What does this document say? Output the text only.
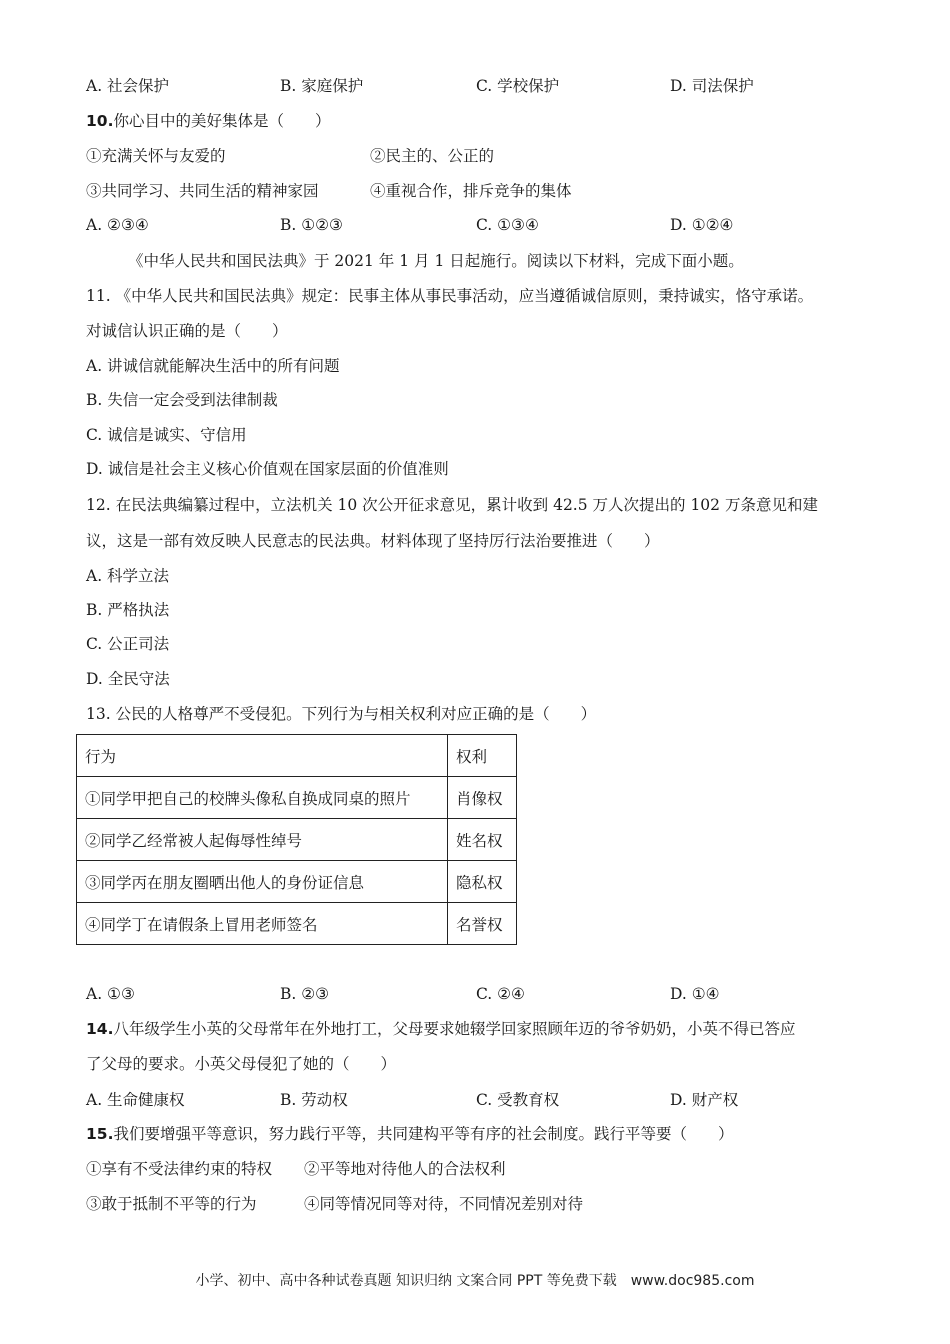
A. 社会保护	B. 家庭保护	C. 学校保护	D. 司法保护
10.你心目中的美好集体是（　　）
①充满关怀与友爱的	②民主的、公正的
③共同学习、共同生活的精神家园	④重视合作，排斥竞争的集体
A. ②③④	B. ①②③	C. ①③④	D. ①②④
《中华人民共和国民法典》于 2021 年 1 月 1 日起施行。阅读以下材料，完成下面小题。
11. 《中华人民共和国民法典》规定：民事主体从事民事活动，应当遵循诚信原则，秉持诚实，恪守承诺。
对诚信认识正确的是（　　）
A. 讲诚信就能解决生活中的所有问题
B. 失信一定会受到法律制裁
C. 诚信是诚实、守信用
D. 诚信是社会主义核心价值观在国家层面的价值准则
12. 在民法典编纂过程中，立法机关 10 次公开征求意见，累计收到 42.5 万人次提出的 102 万条意见和建
议，这是一部有效反映人民意志的民法典。材料体现了坚持厉行法治要推进（　　）
A. 科学立法
B. 严格执法
C. 公正司法
D. 全民守法
13. 公民的人格尊严不受侵犯。下列行为与相关权利对应正确的是（　　）
行为	权利
①同学甲把自己的校牌头像私自换成同桌的照片	肖像权
②同学乙经常被人起侮辱性绰号	姓名权
③同学丙在朋友圈晒出他人的身份证信息	隐私权
④同学丁在请假条上冒用老师签名	名誉权
A. ①③	B. ②③	C. ②④	D. ①④
14.八年级学生小英的父母常年在外地打工，父母要求她辍学回家照顾年迈的爷爷奶奶，小英不得已答应
了父母的要求。小英父母侵犯了她的（　　）
A. 生命健康权	B. 劳动权	C. 受教育权	D. 财产权
15.我们要增强平等意识，努力践行平等，共同建构平等有序的社会制度。践行平等要（　　）
①享有不受法律约束的特权 ②平等地对待他人的合法权利
③敢于抵制不平等的行为	④同等情况同等对待，不同情况差别对待
小学、初中、高中各种试卷真题 知识归纳 文案合同 PPT 等免费下载　www.doc985.com
